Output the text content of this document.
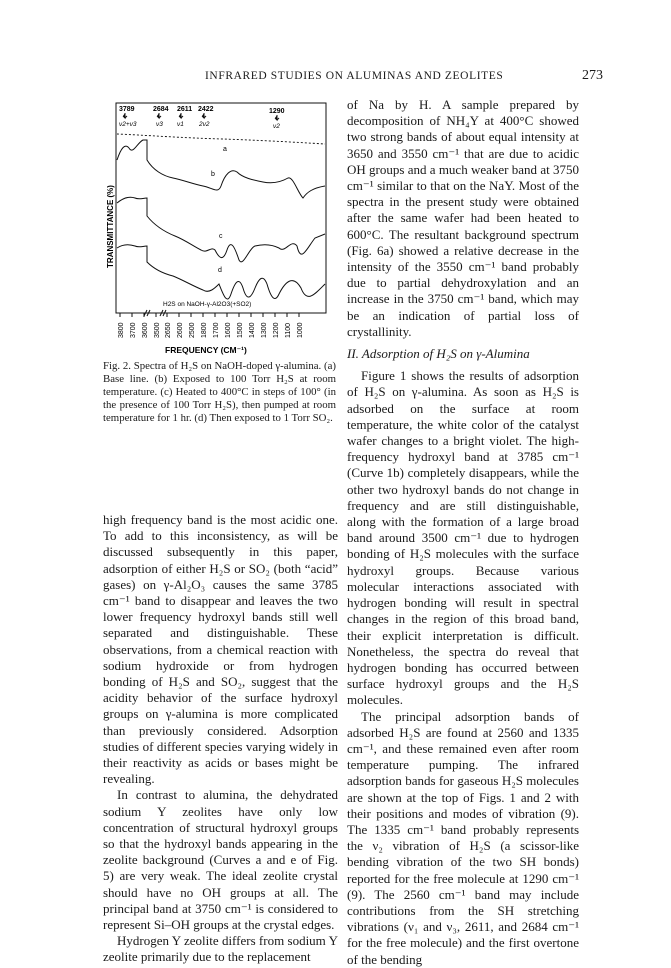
INFRARED STUDIES ON ALUMINAS AND ZEOLITES	273
3789	2684 2611 2422	1290
ν2+ν3	ν3 ν1 2ν2	ν2
a
b
c
d
H2S on NaOH-γ-Al2O3(+SO2)
3800 3700 3600 3500 2650 2600 2500 1800 1700 1600 1500 1400 1300 1200 1100 1000
TRANSMITTANCE (%)
FREQUENCY (CM⁻¹)
Fig. 2. Spectra of H₂S on NaOH-doped γ-alumina. (a) Base line. (b) Exposed to 100 Torr H₂S at room temperature. (c) Heated to 400°C in steps of 100° (in the presence of 100 Torr H₂S), then pumped at room temperature for 1 hr. (d) Then exposed to 1 Torr SO₂.

high frequency band is the most acidic one. To add to this inconsistency, as will be discussed subsequently in this paper, adsorption of either H₂S or SO₂ (both “acid” gases) on γ-Al₂O₃ causes the same 3785 cm⁻¹ band to disappear and leaves the two lower frequency hydroxyl bands still well separated and distinguishable. These observations, from a chemical reaction with sodium hydroxide or from hydrogen bonding of H₂S and SO₂, suggest that the acidity behavior of the surface hydroxyl groups on γ-alumina is more complicated than previously considered. Adsorption studies of different species varying widely in their reactivity as acids or bases might be revealing.

In contrast to alumina, the dehydrated sodium Y zeolites have only low concentration of structural hydroxyl groups so that the hydroxyl bands appearing in the zeolite background (Curves a and e of Fig. 5) are very weak. The ideal zeolite crystal should have no OH groups at all. The principal band at 3750 cm⁻¹ is considered to represent Si–OH groups at the crystal edges.

Hydrogen Y zeolite differs from sodium Y zeolite primarily due to the replacement

of Na by H. A sample prepared by decomposition of NH₄Y at 400°C showed two strong bands of about equal intensity at 3650 and 3550 cm⁻¹ that are due to acidic OH groups and a much weaker band at 3750 cm⁻¹ similar to that on the NaY. Most of the spectra in the present study were obtained after the same wafer had been heated to 600°C. The resultant background spectrum (Fig. 6a) showed a relative decrease in the intensity of the 3550 cm⁻¹ band probably due to partial dehydroxylation and an increase in the 3750 cm⁻¹ band, which may be an indication of partial loss of crystallinity.

II. Adsorption of H₂S on γ-Alumina

Figure 1 shows the results of adsorption of H₂S on γ-alumina. As soon as H₂S is adsorbed on the surface at room temperature, the white color of the catalyst wafer changes to a bright violet. The high-frequency hydroxyl band at 3785 cm⁻¹ (Curve 1b) completely disappears, while the other two hydroxyl bands do not change in frequency and are still distinguishable, along with the formation of a large broad band around 3500 cm⁻¹ due to hydrogen bonding of H₂S molecules with the surface hydroxyl groups. Because various molecular interactions associated with hydrogen bonding will result in spectral changes in the region of this broad band, their explicit interpretation is difficult. Nonetheless, the spectra do reveal that hydrogen bonding has occurred between surface hydroxyl groups and the H₂S molecules.

The principal adsorption bands of adsorbed H₂S are found at 2560 and 1335 cm⁻¹, and these remained even after room temperature pumping. The infrared adsorption bands for gaseous H₂S molecules are shown at the top of Figs. 1 and 2 with their positions and modes of vibration (9). The 1335 cm⁻¹ band probably represents the ν₂ vibration of H₂S (a scissor-like bending vibration of the two SH bonds) reported for the free molecule at 1290 cm⁻¹ (9). The 2560 cm⁻¹ band may include contributions from the SH stretching vibrations (ν₁ and ν₃, 2611, and 2684 cm⁻¹ for the free molecule) and the first overtone of the bending
